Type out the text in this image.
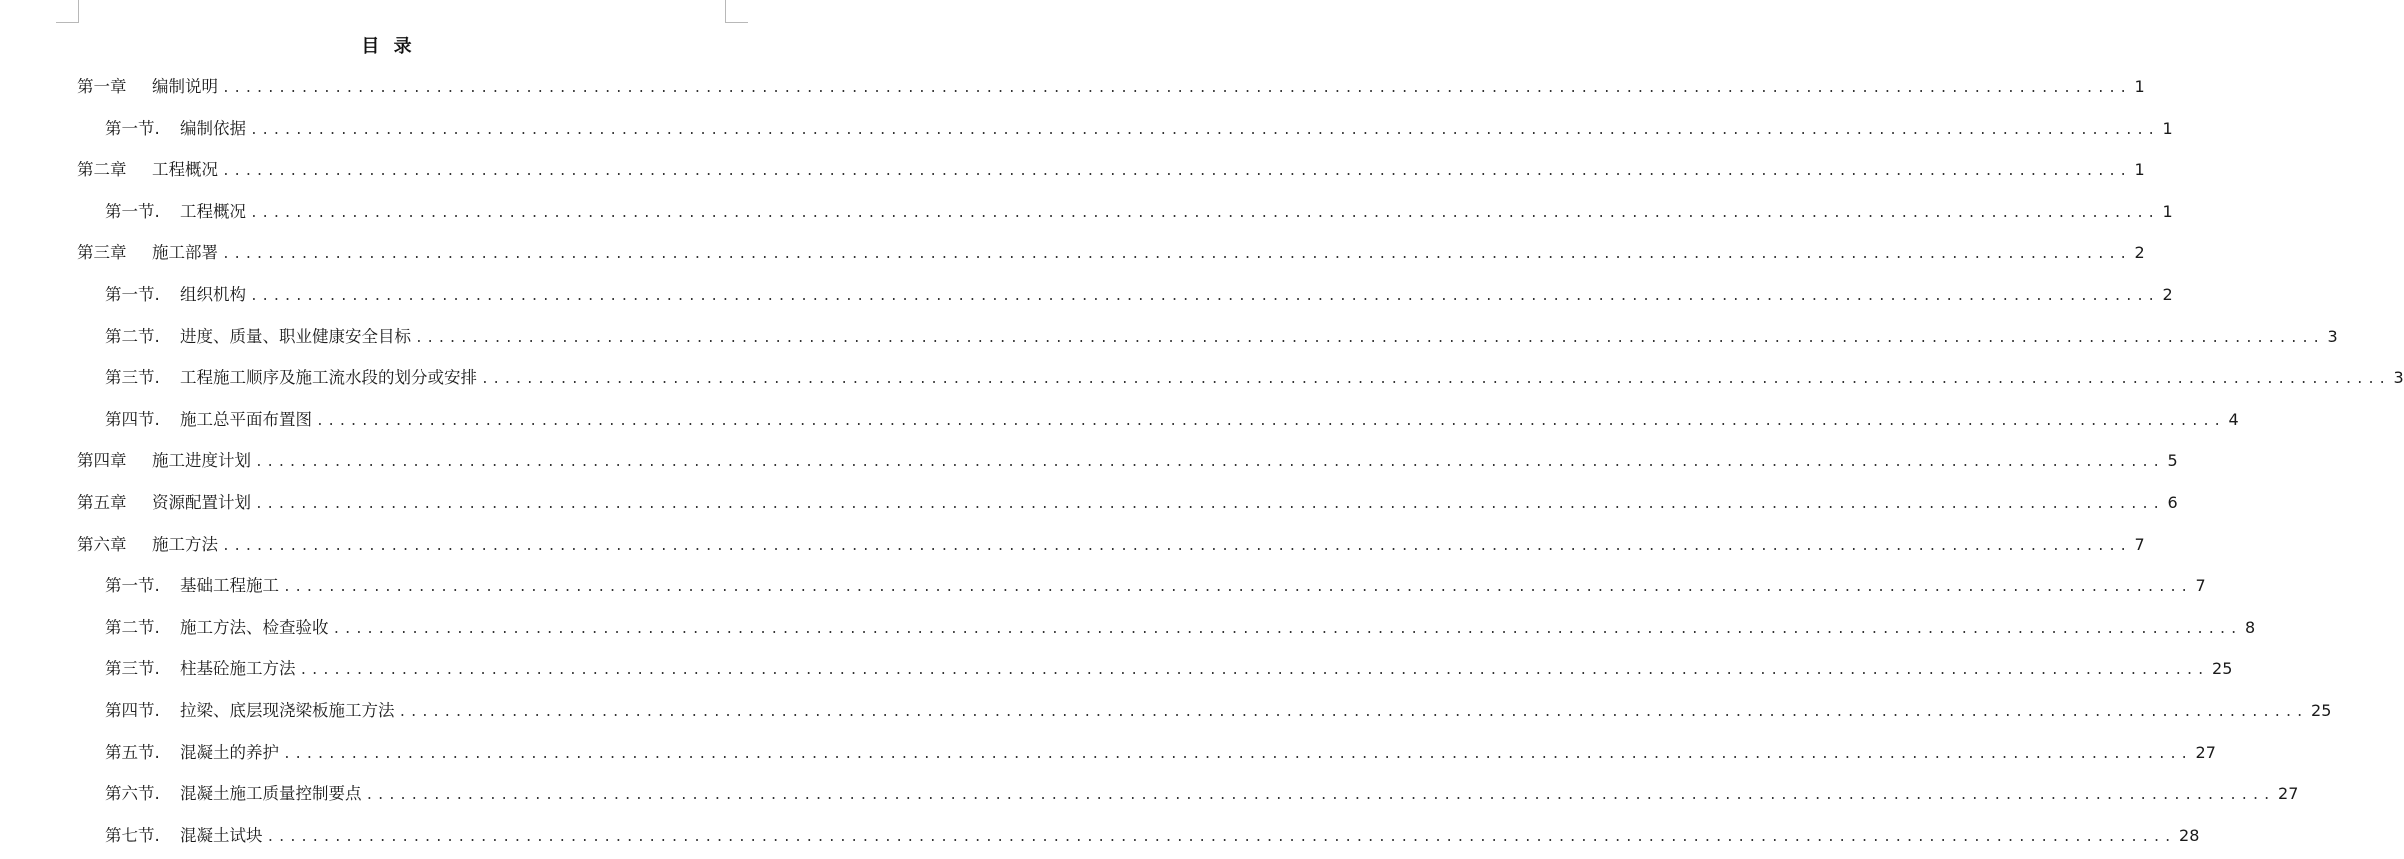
目 录
第一章	编制说明 .......................................................................................................................................................................... 1
第一节.	编制依据 .......................................................................................................................................................................... 1
第二章	工程概况 .......................................................................................................................................................................... 1
第一节.	工程概况 .......................................................................................................................................................................... 1
第三章	施工部署 .......................................................................................................................................................................... 2
第一节.	组织机构 .......................................................................................................................................................................... 2
第二节.	进度、质量、职业健康安全目标 .......................................................................................................................................................................... 3
第三节.	工程施工顺序及施工流水段的划分或安排 .......................................................................................................................................................................... 3
第四节.	施工总平面布置图 .......................................................................................................................................................................... 4
第四章	施工进度计划 .......................................................................................................................................................................... 5
第五章	资源配置计划 .......................................................................................................................................................................... 6
第六章	施工方法 .......................................................................................................................................................................... 7
第一节.	基础工程施工 .......................................................................................................................................................................... 7
第二节.	施工方法、检查验收 .......................................................................................................................................................................... 8
第三节.	柱基砼施工方法 .......................................................................................................................................................................... 25
第四节.	拉梁、底层现浇梁板施工方法 .......................................................................................................................................................................... 25
第五节.	混凝土的养护 .......................................................................................................................................................................... 27
第六节.	混凝土施工质量控制要点 .......................................................................................................................................................................... 27
第七节.	混凝土试块 .......................................................................................................................................................................... 28
